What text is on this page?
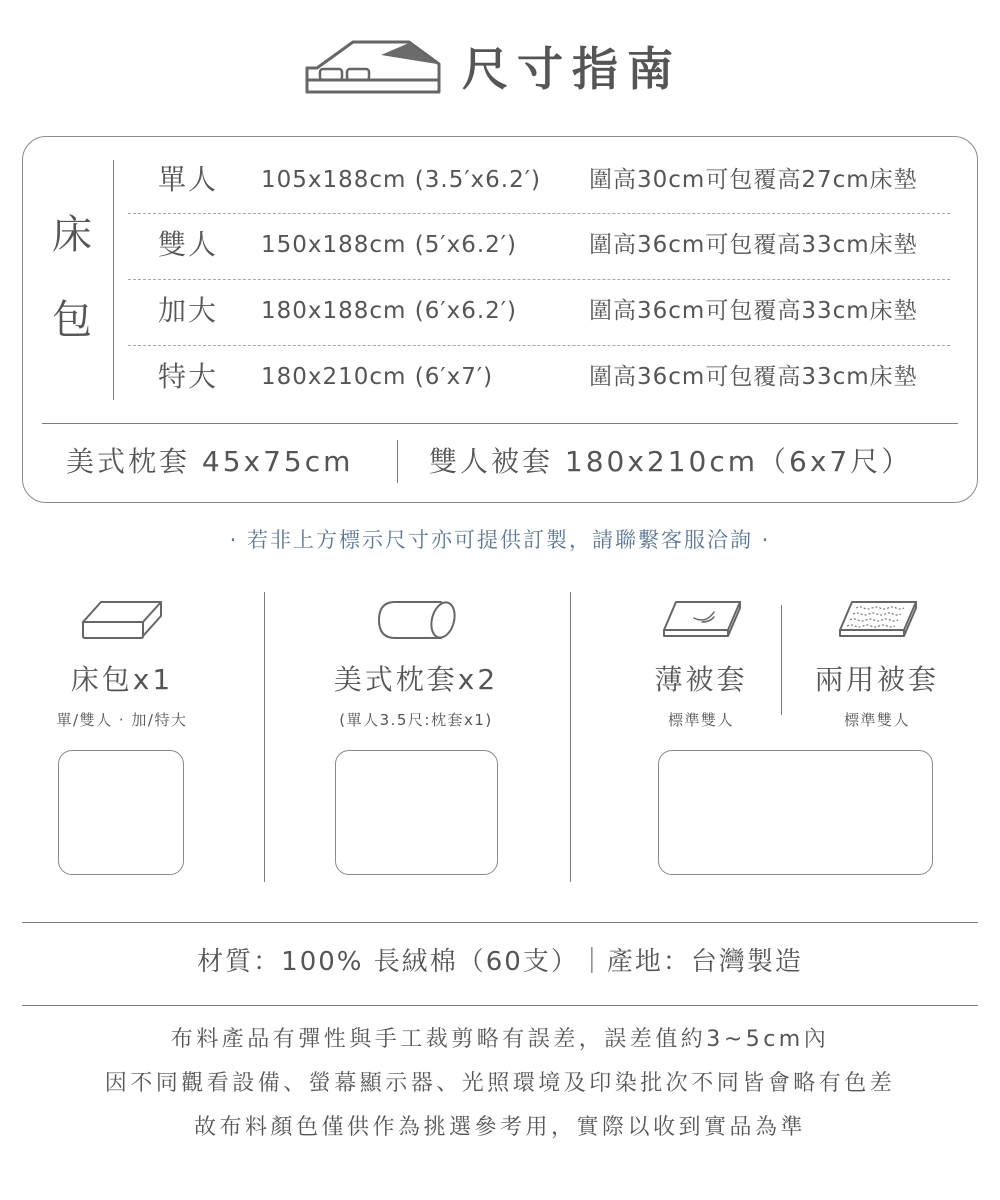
尺寸指南
床
包
單人 105x188cm (3.5′x6.2′) 圍高30cm可包覆高27cm床墊
雙人 150x188cm (5′x6.2′)	圍高36cm可包覆高33cm床墊
加大 180x188cm (6′x6.2′)	圍高36cm可包覆高33cm床墊
特大 180x210cm (6′x7′)	圍高36cm可包覆高33cm床墊
美式枕套 45x75cm	雙人被套 180x210cm（6x7尺）
· 若非上方標示尺寸亦可提供訂製，請聯繫客服洽詢 ·
床包x1
單/雙人 · 加/特大
美式枕套x2
(單人3.5尺:枕套x1)
薄被套
標準雙人
兩用被套
標準雙人
材質：100% 長絨棉（60支）｜產地：台灣製造
布料產品有彈性與手工裁剪略有誤差，誤差值約3~5cm內
因不同觀看設備、螢幕顯示器、光照環境及印染批次不同皆會略有色差
故布料顏色僅供作為挑選參考用，實際以收到實品為準
